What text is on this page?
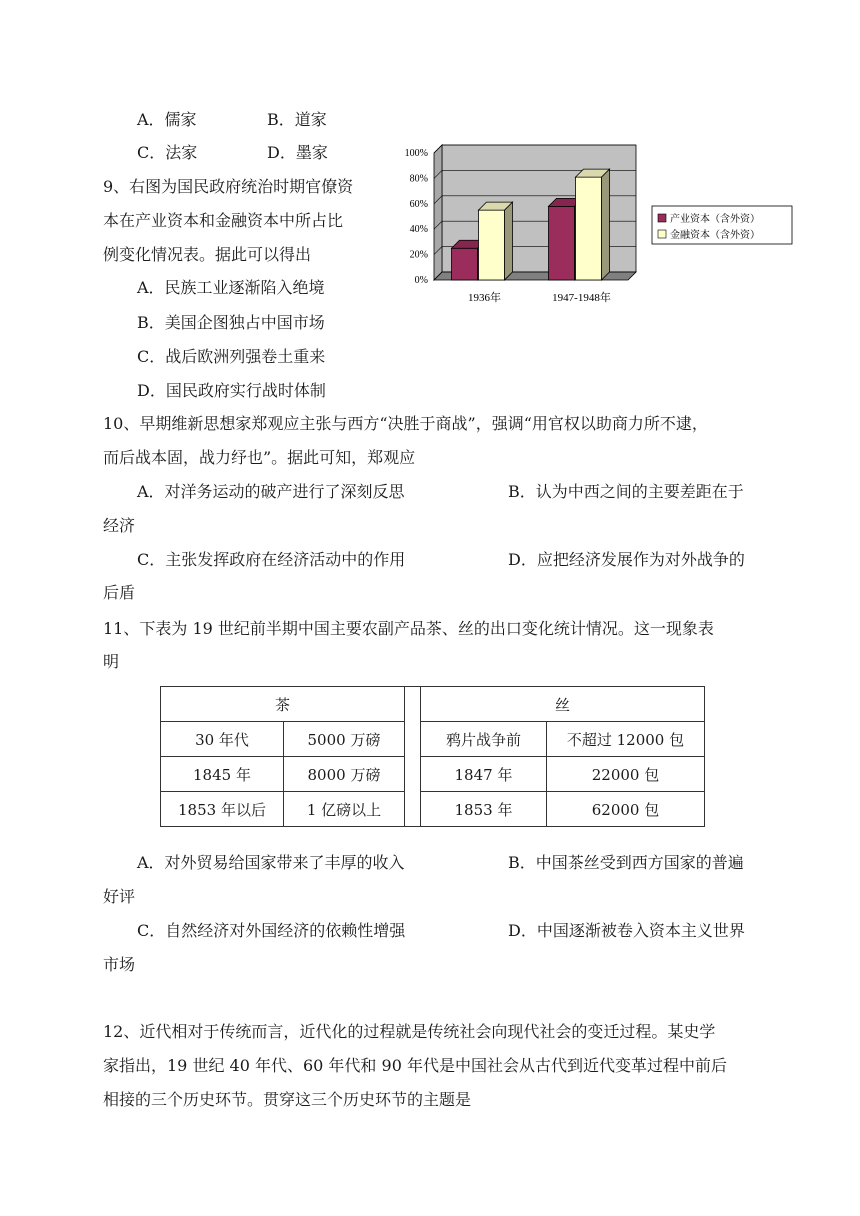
A．儒家	B．道家
C．法家	D．墨家
9、右图为国民政府统治时期官僚资
本在产业资本和金融资本中所占比
例变化情况表。据此可以得出
A．民族工业逐渐陷入绝境
B．美国企图独占中国市场
C．战后欧洲列强卷土重来
D．国民政府实行战时体制
0%
20%
40%
60%
80%
100%
1936年	1947-1948年
产业资本（含外资）
金融资本（含外资）
10、早期维新思想家郑观应主张与西方“决胜于商战”，强调“用官权以助商力所不逮，
而后战本固，战力纾也”。据此可知，郑观应
A．对洋务运动的破产进行了深刻反思	B．认为中西之间的主要差距在于
经济
C．主张发挥政府在经济活动中的作用	D．应把经济发展作为对外战争的
后盾
11、下表为 19 世纪前半期中国主要农副产品茶、丝的出口变化统计情况。这一现象表
明
茶			丝	
30 年代	5000 万磅		鸦片战争前	不超过 12000 包
1845 年	8000 万磅		1847 年	22000 包
1853 年以后	1 亿磅以上		1853 年	62000 包
A．对外贸易给国家带来了丰厚的收入	B．中国茶丝受到西方国家的普遍
好评
C．自然经济对外国经济的依赖性增强	D．中国逐渐被卷入资本主义世界
市场
12、近代相对于传统而言，近代化的过程就是传统社会向现代社会的变迁过程。某史学
家指出，19 世纪 40 年代、60 年代和 90 年代是中国社会从古代到近代变革过程中前后
相接的三个历史环节。贯穿这三个历史环节的主题是
